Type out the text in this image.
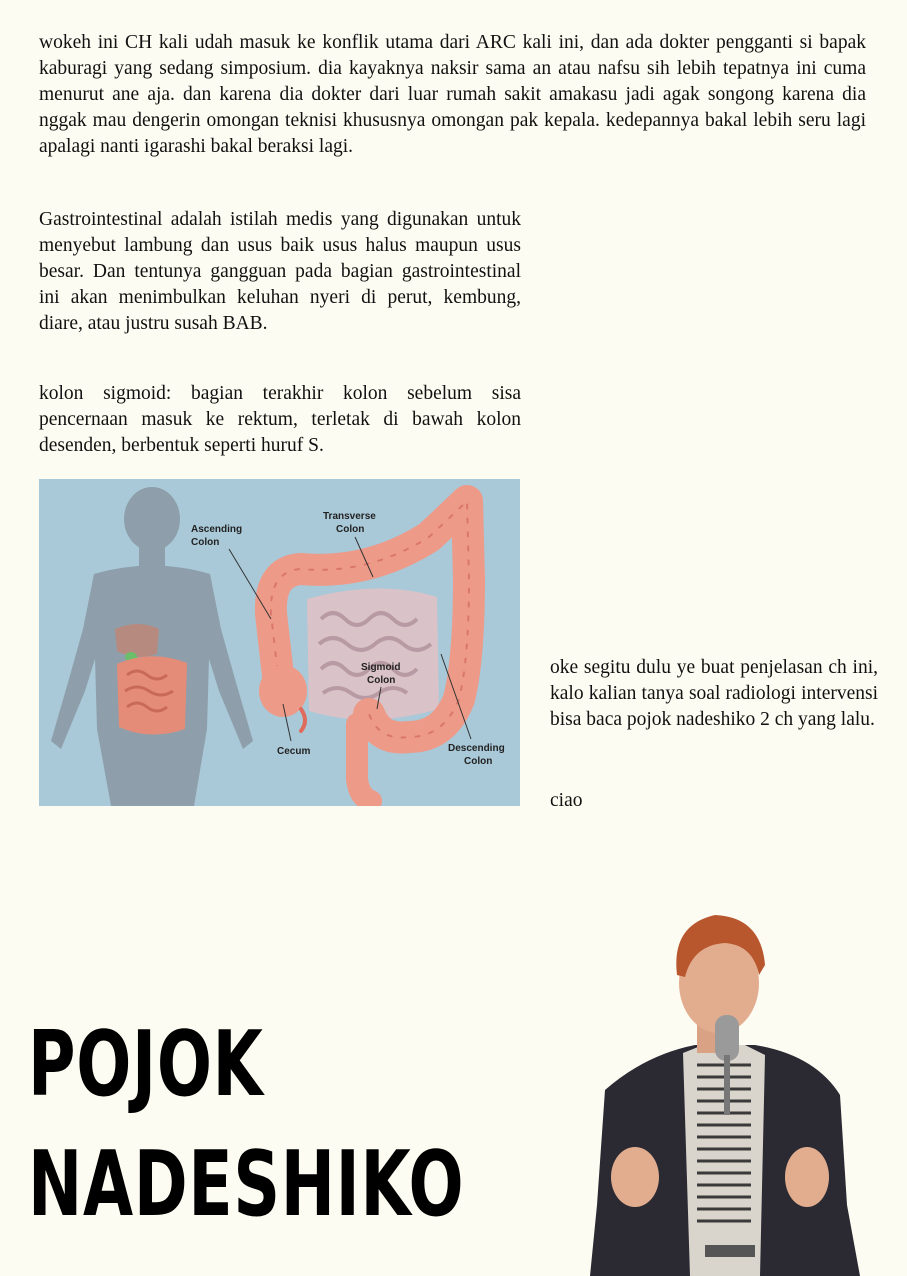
wokeh ini CH kali udah masuk ke konflik utama dari ARC kali ini, dan ada dokter pengganti si bapak kaburagi yang sedang simposium. dia kayaknya naksir sama an atau nafsu sih lebih tepatnya ini cuma menurut ane aja. dan karena dia dokter dari luar rumah sakit amakasu jadi agak songong karena dia nggak mau dengerin omongan teknisi khususnya omongan pak kepala. kedepannya bakal lebih seru lagi apalagi nanti igarashi bakal beraksi lagi.

Gastrointestinal adalah istilah medis yang digunakan untuk menyebut lambung dan usus baik usus halus maupun usus besar. Dan tentunya gangguan pada bagian gastrointestinal ini akan menimbulkan keluhan nyeri di perut, kembung, diare, atau justru susah BAB.

kolon sigmoid: bagian terakhir kolon sebelum sisa pencernaan masuk ke rektum, terletak di bawah kolon desenden, berbentuk seperti huruf S.

Ascending
Colon
Transverse
Colon
Sigmoid
Colon
Cecum	Descending
Colon

oke segitu dulu ye buat penjelasan ch ini, kalo kalian tanya soal radiologi intervensi bisa baca pojok nadeshiko 2 ch yang lalu.

ciao

POJOK
NADESHIKO
